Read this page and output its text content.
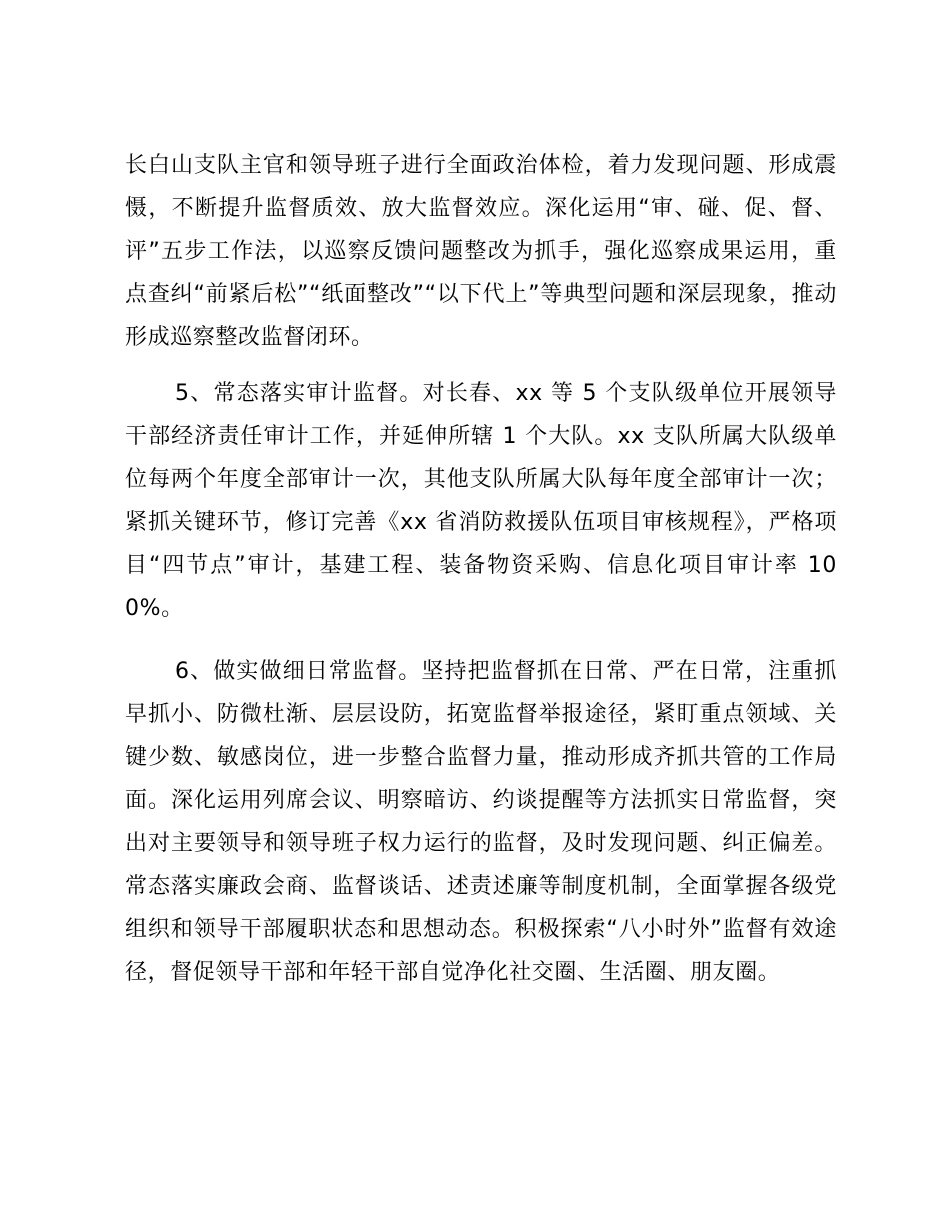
长白山支队主官和领导班子进行全面政治体检，着力发现问题、形成震慑，不断提升监督质效、放大监督效应。深化运用“审、碰、促、督、评”五步工作法，以巡察反馈问题整改为抓手，强化巡察成果运用，重点查纠“前紧后松”“纸面整改”“以下代上”等典型问题和深层现象，推动形成巡察整改监督闭环。

5、常态落实审计监督。对长春、xx 等 5 个支队级单位开展领导干部经济责任审计工作，并延伸所辖 1 个大队。xx 支队所属大队级单位每两个年度全部审计一次，其他支队所属大队每年度全部审计一次；紧抓关键环节，修订完善《xx 省消防救援队伍项目审核规程》，严格项目“四节点”审计，基建工程、装备物资采购、信息化项目审计率 100%。

6、做实做细日常监督。坚持把监督抓在日常、严在日常，注重抓早抓小、防微杜渐、层层设防，拓宽监督举报途径，紧盯重点领域、关键少数、敏感岗位，进一步整合监督力量，推动形成齐抓共管的工作局面。深化运用列席会议、明察暗访、约谈提醒等方法抓实日常监督，突出对主要领导和领导班子权力运行的监督，及时发现问题、纠正偏差。常态落实廉政会商、监督谈话、述责述廉等制度机制，全面掌握各级党组织和领导干部履职状态和思想动态。积极探索“八小时外”监督有效途径，督促领导干部和年轻干部自觉净化社交圈、生活圈、朋友圈。
